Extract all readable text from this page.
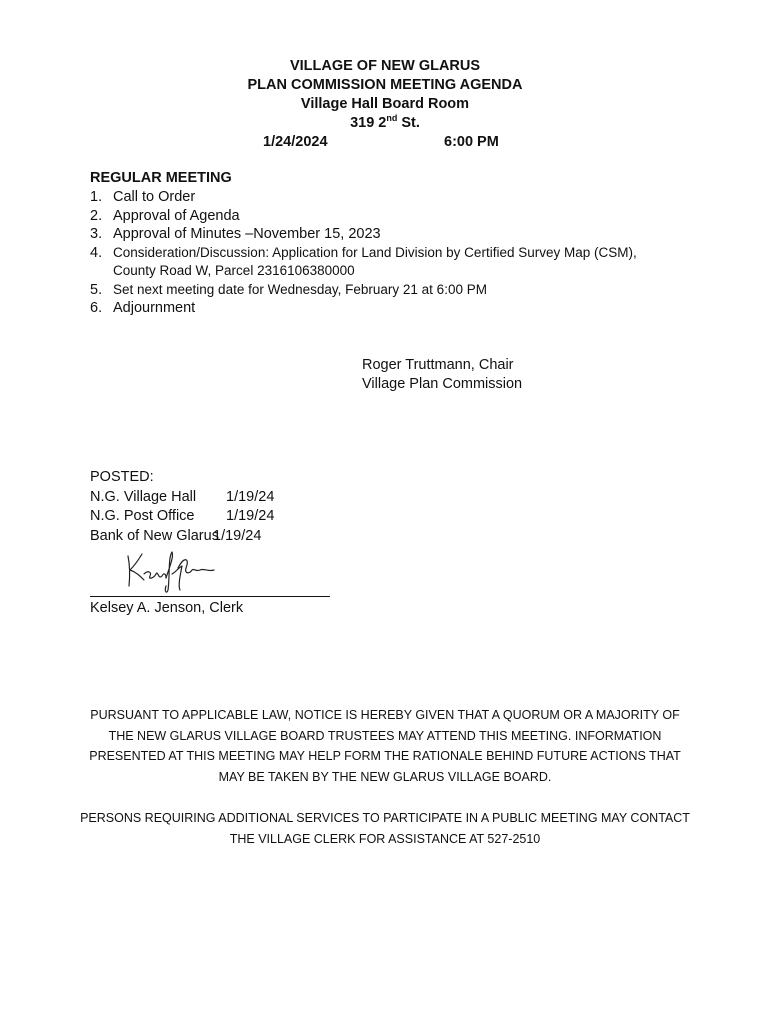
VILLAGE OF NEW GLARUS
PLAN COMMISSION MEETING AGENDA
Village Hall Board Room
319 2nd St.
1/24/2024	6:00 PM
REGULAR MEETING
1. Call to Order
2. Approval of Agenda
3. Approval of Minutes –November 15, 2023
4. Consideration/Discussion: Application for Land Division by Certified Survey Map (CSM), County Road W, Parcel 2316106380000
5. Set next meeting date for Wednesday, February 21 at 6:00 PM
6. Adjournment
Roger Truttmann, Chair
Village Plan Commission
POSTED:
N.G. Village Hall 1/19/24
N.G. Post Office 1/19/24
Bank of New Glarus
1/19/24
Kelsey A. Jenson, Clerk
PURSUANT TO APPLICABLE LAW, NOTICE IS HEREBY GIVEN THAT A QUORUM OR A MAJORITY OF THE NEW GLARUS VILLAGE BOARD TRUSTEES MAY ATTEND THIS MEETING. INFORMATION PRESENTED AT THIS MEETING MAY HELP FORM THE RATIONALE BEHIND FUTURE ACTIONS THAT MAY BE TAKEN BY THE NEW GLARUS VILLAGE BOARD.
PERSONS REQUIRING ADDITIONAL SERVICES TO PARTICIPATE IN A PUBLIC MEETING MAY CONTACT THE VILLAGE CLERK FOR ASSISTANCE AT 527-2510
